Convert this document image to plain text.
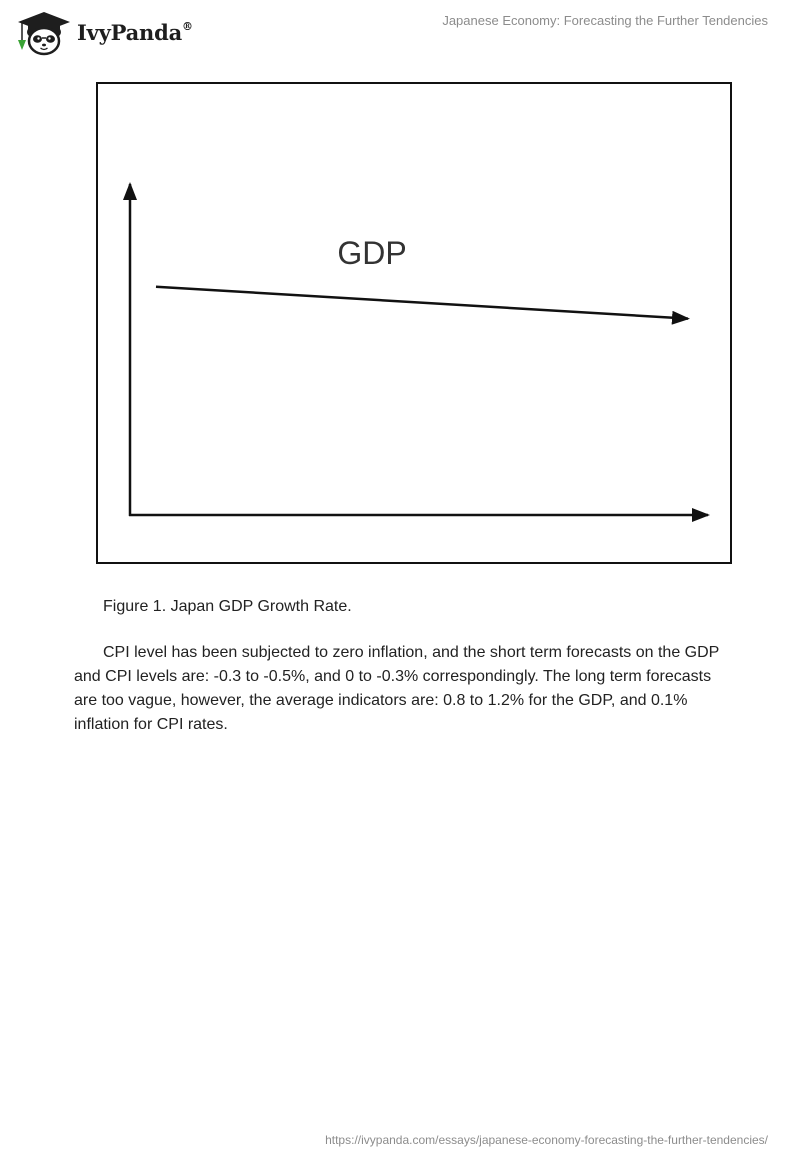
IvyPanda®	Japanese Economy: Forecasting the Further Tendencies
GDP
Figure 1. Japan GDP Growth Rate.

CPI level has been subjected to zero inflation, and the short term forecasts on the GDP and CPI levels are: -0.3 to -0.5%, and 0 to -0.3% correspondingly. The long term forecasts are too vague, however, the average indicators are: 0.8 to 1.2% for the GDP, and 0.1% inflation for CPI rates.

https://ivypanda.com/essays/japanese-economy-forecasting-the-further-tendencies/
